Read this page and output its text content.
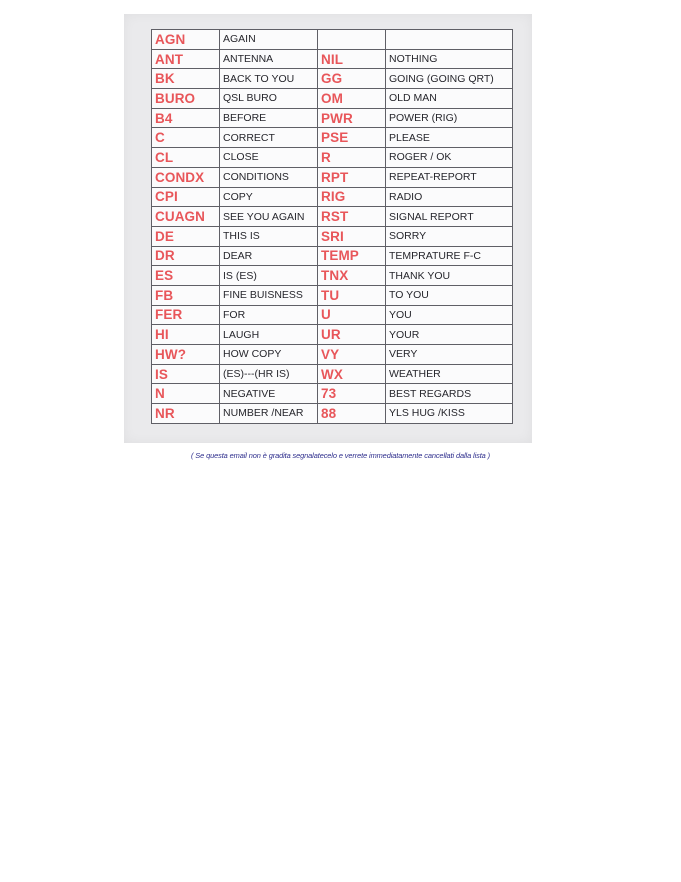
AGN	AGAIN		
ANT	ANTENNA	NIL	NOTHING
BK	BACK TO YOU	GG	GOING (GOING QRT)
BURO	QSL BURO	OM	OLD MAN
B4	BEFORE	PWR	POWER (RIG)
C	CORRECT	PSE	PLEASE
CL	CLOSE	R	ROGER / OK
CONDX	CONDITIONS	RPT	REPEAT-REPORT
CPI	COPY	RIG	RADIO
CUAGN	SEE YOU AGAIN	RST	SIGNAL REPORT
DE	THIS IS	SRI	SORRY
DR	DEAR	TEMP	TEMPRATURE F-C
ES	IS (ES)	TNX	THANK YOU
FB	FINE BUISNESS	TU	TO YOU
FER	FOR	U	YOU
HI	LAUGH	UR	YOUR
HW?	HOW COPY	VY	VERY
IS	(ES)---(HR IS)	WX	WEATHER
N	NEGATIVE	73	BEST REGARDS
NR	NUMBER /NEAR	88	YLS HUG /KISS
( Se questa email non è gradita segnalatecelo e verrete immediatamente cancellati dalla lista )
